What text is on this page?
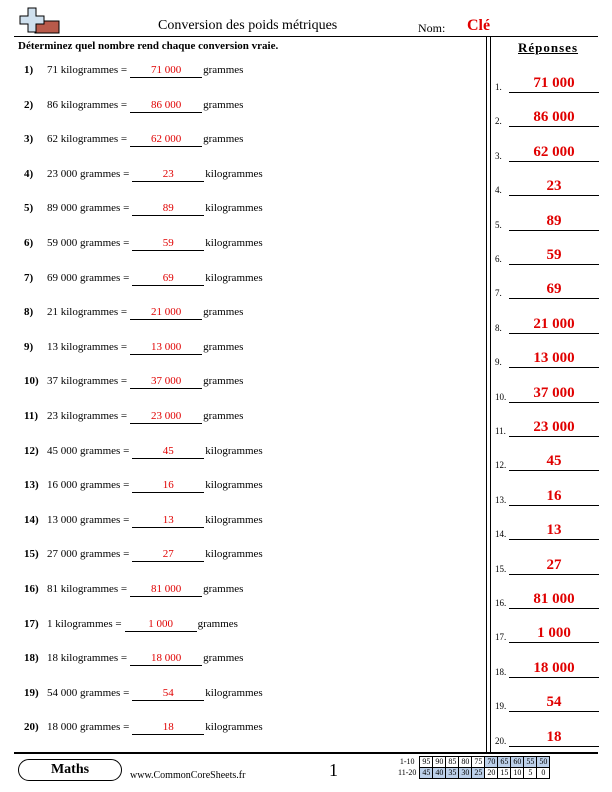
Conversion des poids métriques	Nom: Clé
Déterminez quel nombre rend chaque conversion vraie.
1)	71 kilogrammes = 71 000 grammes
2)	86 kilogrammes = 86 000 grammes
3)	62 kilogrammes = 62 000 grammes
4)	23 000 grammes =	23	kilogrammes
5)	89 000 grammes =	89	kilogrammes
6)	59 000 grammes =	59	kilogrammes
7)	69 000 grammes =	69	kilogrammes
8)	21 kilogrammes = 21 000 grammes
9)	13 kilogrammes = 13 000 grammes
10) 37 kilogrammes = 37 000 grammes
11) 23 kilogrammes = 23 000 grammes
12) 45 000 grammes =	45	kilogrammes
13) 16 000 grammes =	16	kilogrammes
14) 13 000 grammes =	13	kilogrammes
15) 27 000 grammes =	27	kilogrammes
16) 81 kilogrammes = 81 000 grammes
17) 1 kilogrammes = 1 000 grammes
18) 18 kilogrammes = 18 000 grammes
19) 54 000 grammes =	54	kilogrammes
20) 18 000 grammes =	18	kilogrammes
Réponses
1.	71 000
2.	86 000
3.	62 000
4.	23
5.	89
6.	59
7.	69
8.	21 000
9.	13 000
10.	37 000
11.	23 000
12.	45
13.	16
14.	13
15.	27
16.	81 000
17.	1 000
18.	18 000
19.	54
20.	18
Maths	www.CommonCoreSheets.fr	1	1-10	95	90	85	80	75	70	65	60	55	50
11-20	45	40	35	30	25	20	15	10	5	0
